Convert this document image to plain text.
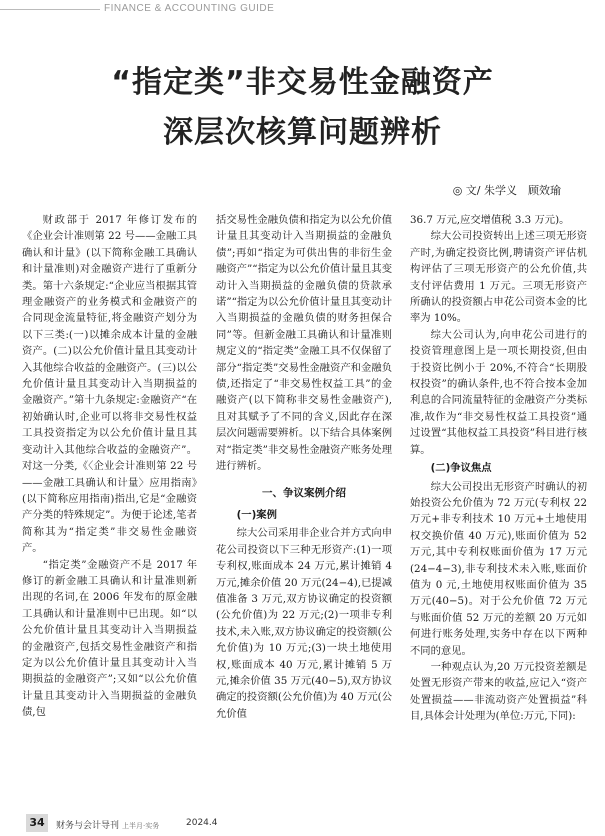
FINANCE & ACCOUNTING GUIDE
“指定类”非交易性金融资产
深层次核算问题辨析
◎ 文/ 朱学义　顾效瑜

财政部于 2017 年修订发布的《企业会计准则第 22 号——金融工具确认和计量》(以下简称金融工具确认和计量准则)对金融资产进行了重新分类。第十六条规定:“企业应当根据其管理金融资产的业务模式和金融资产的合同现金流量特征,将金融资产划分为以下三类:(一)以摊余成本计量的金融资产。(二)以公允价值计量且其变动计入其他综合收益的金融资产。(三)以公允价值计量且其变动计入当期损益的金融资产。”第十九条规定:金融资产“在初始确认时,企业可以将非交易性权益工具投资指定为以公允价值计量且其变动计入其他综合收益的金融资产”。对这一分类,《〈企业会计准则第 22 号——金融工具确认和计量〉应用指南》(以下简称应用指南)指出,它是“金融资产分类的特殊规定”。为便于论述,笔者简称其为“指定类”非交易性金融资产。

“指定类”金融资产不是 2017 年修订的新金融工具确认和计量准则新出现的名词,在 2006 年发布的原金融工具确认和计量准则中已出现。如“以公允价值计量且其变动计入当期损益的金融资产,包括交易性金融资产和指定为以公允价值计量且其变动计入当期损益的金融资产”;又如“以公允价值计量且其变动计入当期损益的金融负债,包

括交易性金融负债和指定为以公允价值计量且其变动计入当期损益的金融负债”;再如“指定为可供出售的非衍生金融资产”“指定为以公允价值计量且其变动计入当期损益的金融负债的贷款承诺”“指定为以公允价值计量且其变动计入当期损益的金融负债的财务担保合同”等。但新金融工具确认和计量准则规定义的“指定类”金融工具不仅保留了部分“指定类”交易性金融资产和金融负债,还指定了“非交易性权益工具”的金融资产(以下简称非交易性金融资产),且对其赋予了不同的含义,因此存在深层次问题需要辨析。以下结合具体案例对“指定类”非交易性金融资产账务处理进行辨析。

一、争议案例介绍
(一)案例

综大公司采用非企业合并方式向申花公司投资以下三种无形资产:(1)一项专利权,账面成本 24 万元,累计摊销 4 万元,摊余价值 20 万元(24−4),已提减值准备 3 万元,双方协议确定的投资额(公允价值)为 22 万元;(2)一项非专利技术,未入账,双方协议确定的投资额(公允价值)为 10 万元;(3)一块土地使用权,账面成本 40 万元,累计摊销 5 万元,摊余价值 35 万元(40−5),双方协议确定的投资额(公允价值)为 40 万元(公允价值

36.7 万元,应交增值税 3.3 万元)。

综大公司投资转出上述三项无形资产时,为确定投资比例,聘请资产评估机构评估了三项无形资产的公允价值,共支付评估费用 1 万元。三项无形资产所确认的投资额占申花公司资本金的比率为 10%。

综大公司认为,向申花公司进行的投资管理意图上是一项长期投资,但由于投资比例小于 20%,不符合“长期股权投资”的确认条件,也不符合按本金加利息的合同流量特征的金融资产分类标准,故作为“非交易性权益工具投资”通过设置“其他权益工具投资”科目进行核算。

(二)争议焦点

综大公司投出无形资产时确认的初始投资公允价值为 72 万元(专利权 22 万元+非专利技术 10 万元+土地使用权交换价值 40 万元),账面价值为 52 万元,其中专利权账面价值为 17 万元(24−4−3),非专利技术未入账,账面价值为 0 元,土地使用权账面价值为 35 万元(40−5)。对于公允价值 72 万元与账面价值 52 万元的差额 20 万元如何进行账务处理,实务中存在以下两种不同的意见。

一种观点认为,20 万元投资差额是处置无形资产带来的收益,应记入“资产处置损益——非流动资产处置损益”科目,具体会计处理为(单位:万元,下同):

34	财务与会计导刊 上半月·实务	2024.4
